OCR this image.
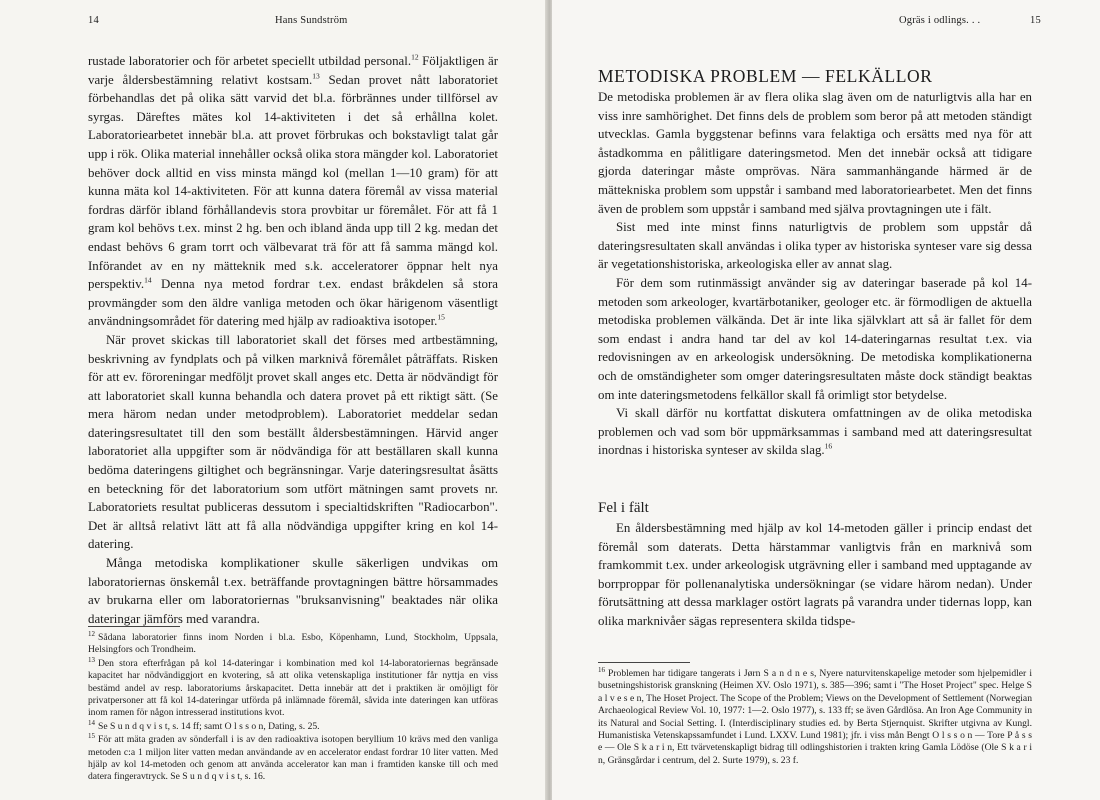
14	Hans Sundström

rustade laboratorier och för arbetet speciellt utbildad personal.$^{12}$ Följaktligen är varje åldersbestämning relativt kostsam.$^{13}$ Sedan provet nått laboratoriet förbehandlas det på olika sätt varvid det bl.a. förbrännes under tillförsel av syrgas. Däreftes mätes kol 14-aktiviteten i det så erhållna kolet. Laboratoriearbetet innebär bl.a. att provet förbrukas och bokstavligt talat går upp i rök. Olika material innehåller också olika stora mängder kol. Laboratoriet behöver dock alltid en viss minsta mängd kol (mellan 1—10 gram) för att kunna mäta kol 14-aktiviteten. För att kunna datera föremål av vissa material fordras därför ibland förhållandevis stora provbitar ur föremålet. För att få 1 gram kol behövs t.ex. minst 2 hg. ben och ibland ända upp till 2 kg. medan det endast behövs 6 gram torrt och välbevarat trä för att få samma mängd kol. Införandet av en ny mätteknik med s.k. acceleratorer öppnar helt nya perspektiv.$^{14}$ Denna nya metod fordrar t.ex. endast bråkdelen så stora provmängder som den äldre vanliga metoden och ökar härigenom väsentligt användningsområdet för datering med hjälp av radioaktiva isotoper.$^{15}$

När provet skickas till laboratoriet skall det förses med artbestämning, beskrivning av fyndplats och på vilken marknivå föremålet påträffats. Risken för att ev. föroreningar medföljt provet skall anges etc. Detta är nödvändigt för att laboratoriet skall kunna behandla och datera provet på ett riktigt sätt. (Se mera härom nedan under metodproblem). Laboratoriet meddelar sedan dateringsresultatet till den som beställt åldersbestämningen. Härvid anger laboratoriet alla uppgifter som är nödvändiga för att beställaren skall kunna bedöma dateringens giltighet och begränsningar. Varje dateringsresultat åsätts en beteckning för det laboratorium som utfört mätningen samt provets nr. Laboratoriets resultat publiceras dessutom i specialtidskriften "Radiocarbon". Det är alltså relativt lätt att få alla nödvändiga uppgifter kring en kol 14-datering.

Många metodiska komplikationer skulle säkerligen undvikas om laboratoriernas önskemål t.ex. beträffande provtagningen bättre hörsammades av brukarna eller om laboratoriernas "bruksanvisning" beaktades när olika dateringar jämförs med varandra.

$^{12}$ Sådana laboratorier finns inom Norden i bl.a. Esbo, Köpenhamn, Lund, Stockholm, Uppsala, Helsingfors och Trondheim.

$^{13}$ Den stora efterfrågan på kol 14-dateringar i kombination med kol 14-laboratoriernas begränsade kapacitet har nödvändiggjort en kvotering, så att olika vetenskapliga institutioner får nyttja en viss bestämd andel av resp. laboratoriums årskapacitet. Detta innebär att det i praktiken är omöjligt för privatpersoner att få kol 14-dateringar utförda på inlämnade föremål, såvida inte dateringen kan utföras inom ramen för någon intresserad institutions kvot.

$^{14}$ Se S u n d q v i s t, s. 14 ff; samt O l s s o n, Dating, s. 25.

$^{15}$ För att mäta graden av sönderfall i is av den radioaktiva isotopen beryllium 10 krävs med den vanliga metoden c:a 1 miljon liter vatten medan användande av en accelerator endast fordrar 10 liter vatten. Med hjälp av kol 14-metoden och genom att använda accelerator kan man i framtiden kanske till och med datera fingeravtryck. Se S u n d q v i s t, s. 16.

Ogräs i odlings. . .	15
METODISKA PROBLEM — FELKÄLLOR

De metodiska problemen är av flera olika slag även om de naturligtvis alla har en viss inre samhörighet. Det finns dels de problem som beror på att metoden ständigt utvecklas. Gamla byggstenar befinns vara felaktiga och ersätts med nya för att åstadkomma en pålitligare dateringsmetod. Men det innebär också att tidigare gjorda dateringar måste omprövas. Nära sammanhängande härmed är de mättekniska problem som uppstår i samband med laboratoriearbetet. Men det finns även de problem som uppstår i samband med själva provtagningen ute i fält.

Sist med inte minst finns naturligtvis de problem som uppstår då dateringsresultaten skall användas i olika typer av historiska synteser vare sig dessa är vegetationshistoriska, arkeologiska eller av annat slag.

För dem som rutinmässigt använder sig av dateringar baserade på kol 14-metoden som arkeologer, kvartärbotaniker, geologer etc. är förmodligen de aktuella metodiska problemen välkända. Det är inte lika självklart att så är fallet för dem som endast i andra hand tar del av kol 14-dateringarnas resultat t.ex. via redovisningen av en arkeologisk undersökning. De metodiska komplikationerna och de omständigheter som omger dateringsresultaten måste dock ständigt beaktas om inte dateringsmetodens felkällor skall få orimligt stor betydelse.

Vi skall därför nu kortfattat diskutera omfattningen av de olika metodiska problemen och vad som bör uppmärksammas i samband med att dateringsresultat inordnas i historiska synteser av skilda slag.$^{16}$

Fel i fält

En åldersbestämning med hjälp av kol 14-metoden gäller i princip endast det föremål som daterats. Detta härstammar vanligtvis från en marknivå som framkommit t.ex. under arkeologisk utgrävning eller i samband med upptagande av borrproppar för pollenanalytiska undersökningar (se vidare härom nedan). Under förutsättning att dessa marklager ostört lagrats på varandra under tidernas lopp, kan olika marknivåer sägas representera skilda tidspe-

$^{16}$ Problemen har tidigare tangerats i Jørn S a n d n e s, Nyere naturvitenskapelige metoder som hjelpemidler i busetningshistorisk granskning (Heimen XV. Oslo 1971), s. 385—396; samt i "The Hoset Project" spec. Helge S a l v e s e n, The Hoset Project. The Scope of the Problem; Views on the Development of Settlement (Norwegian Archaeological Review Vol. 10, 1977: 1—2. Oslo 1977), s. 133 ff; se även Gårdlösa. An Iron Age Community in its Natural and Social Setting. I. (Interdisciplinary studies ed. by Berta Stjernquist. Skrifter utgivna av Kungl. Humanistiska Vetenskapssamfundet i Lund. LXXV. Lund 1981); jfr. i viss mån Bengt O l s s o n — Tore P å s s e — Ole S k a r i n, Ett tvärvetenskapligt bidrag till odlingshistorien i trakten kring Gamla Lödöse (Ole S k a r i n, Gränsgårdar i centrum, del 2. Surte 1979), s. 23 f.
